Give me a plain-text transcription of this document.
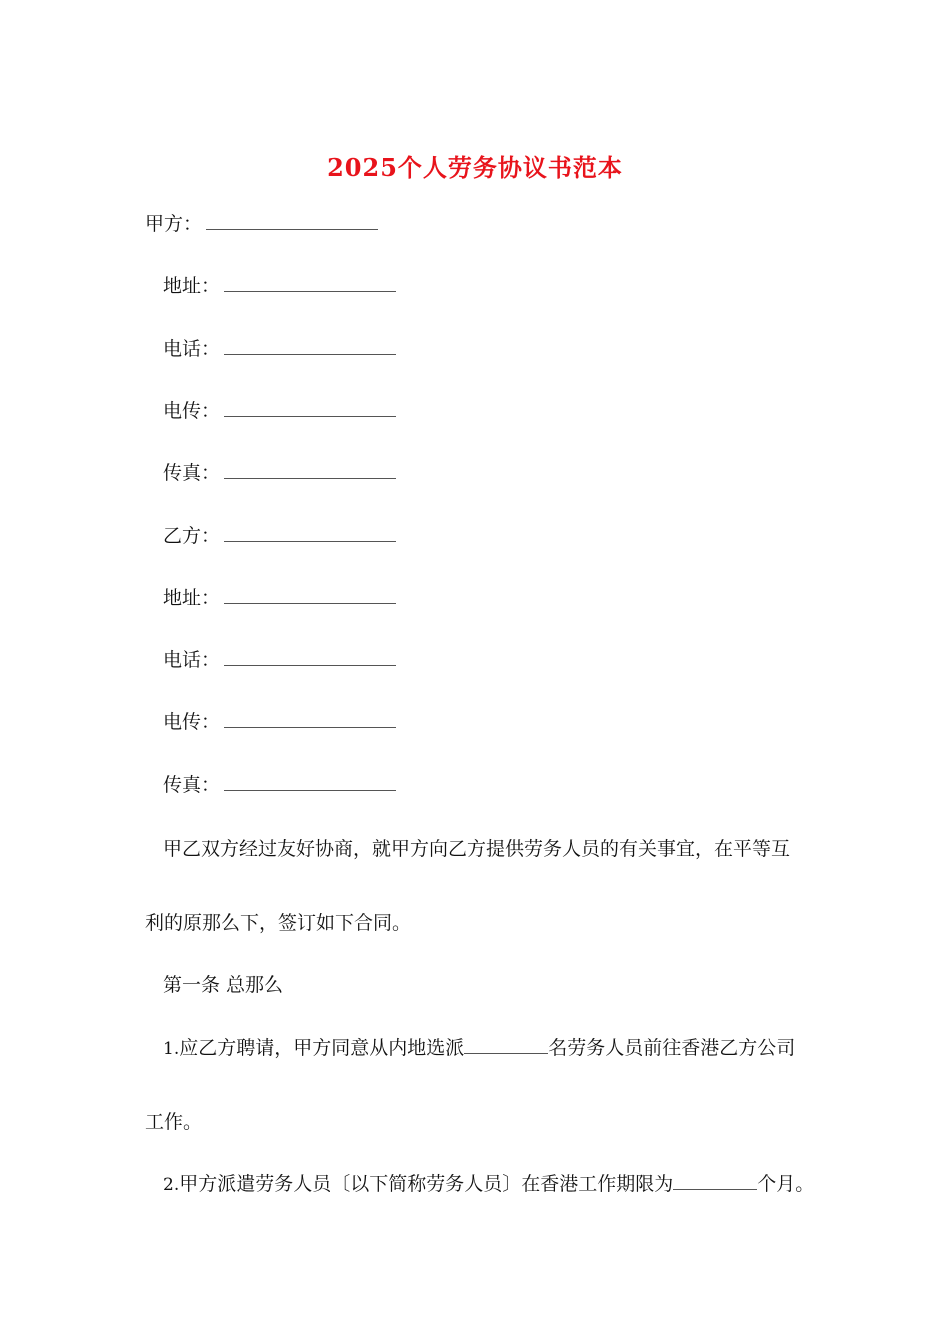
2025个人劳务协议书范本
甲方：
地址：
电话：
电传：
传真：
乙方：
地址：
电话：
电传：
传真：
甲乙双方经过友好协商，就甲方向乙方提供劳务人员的有关事宜，在平等互
利的原那么下，签订如下合同。
第一条 总那么
1.应乙方聘请，甲方同意从内地选派	名劳务人员前往香港乙方公司
工作。
2.甲方派遣劳务人员〔以下简称劳务人员〕在香港工作期限为	个月。
